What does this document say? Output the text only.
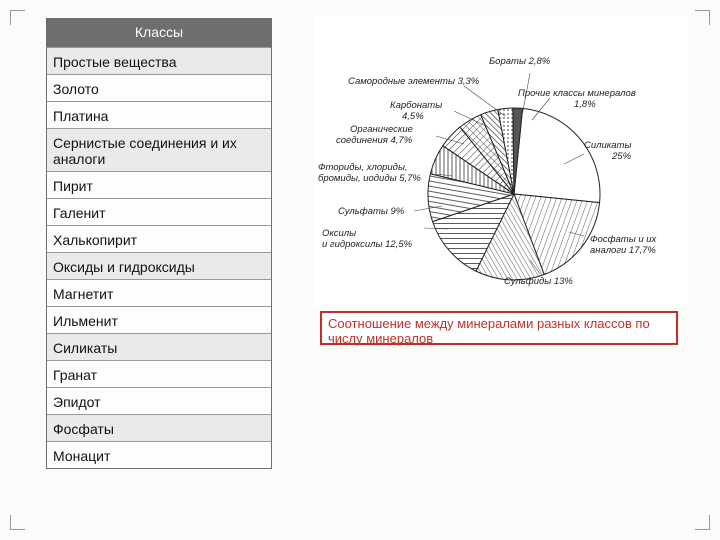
Классы
Простые вещества
Золото
Платина
Сернистые соединения и их аналоги
Пирит
Галенит
Халькопирит
Оксиды и гидроксиды
Магнетит
Ильменит
Силикаты
Гранат
Эпидот
Фосфаты
Монацит
Бораты 2,8%
Самородные элементы 3,3%
Прочие классы минералов
1,8%
Карбонаты
4,5%
Органические
соединения 4,7%	Силикаты
25%
Фториды, хлориды,
бромиды, иодиды 5,7%
Сульфаты 9%
Оксилы
и гидроксилы 12,5%	Фосфаты и их
аналоги 17,7%
Сульфиды 13%
Соотношение между минералами разных классов по числу минералов
